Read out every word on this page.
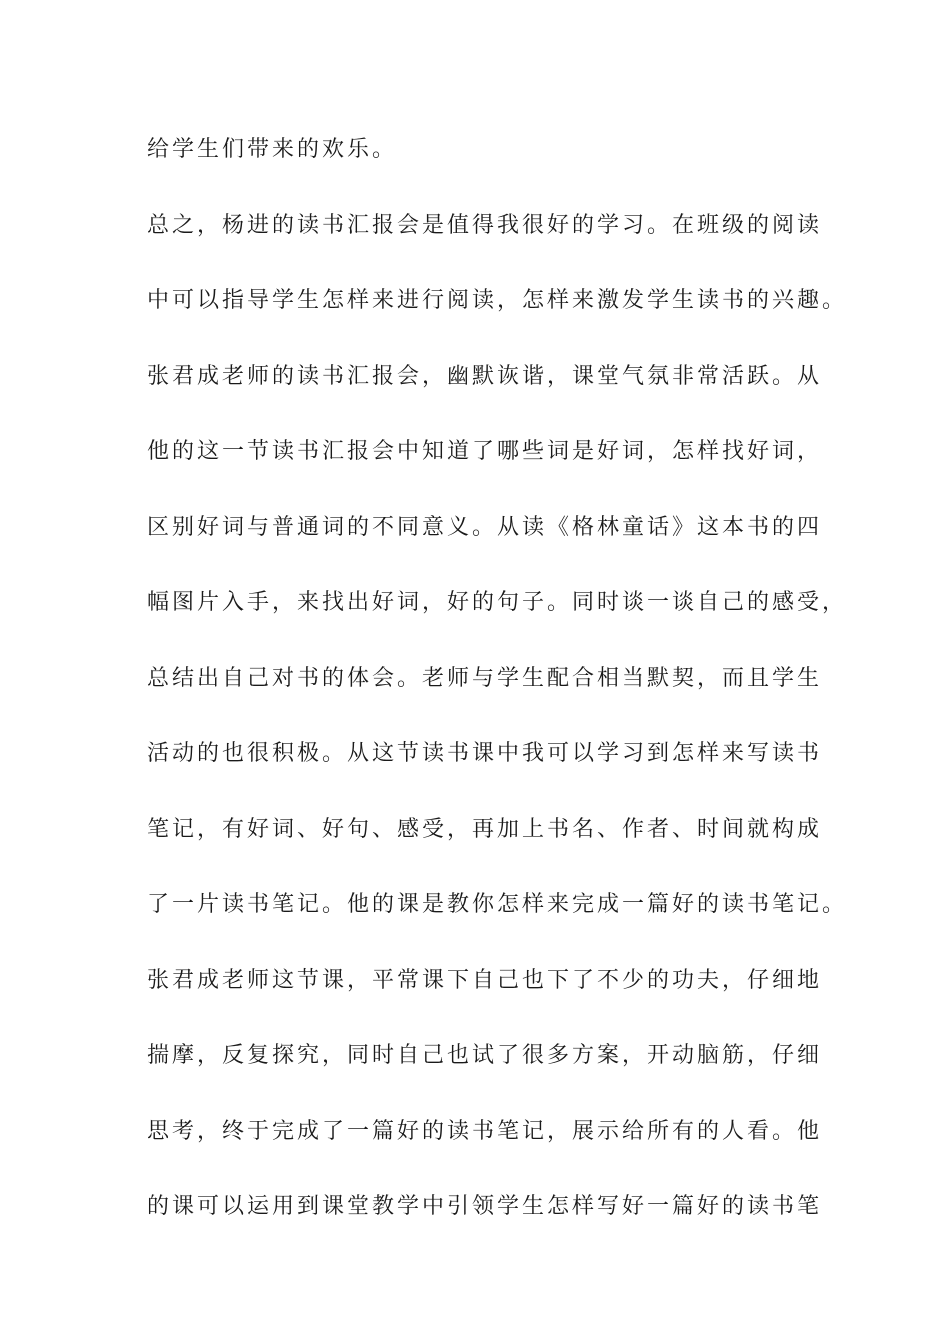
给学生们带来的欢乐。
总之，杨进的读书汇报会是值得我很好的学习。在班级的阅读
中可以指导学生怎样来进行阅读，怎样来激发学生读书的兴趣。
张君成老师的读书汇报会，幽默诙谐，课堂气氛非常活跃。从
他的这一节读书汇报会中知道了哪些词是好词，怎样找好词，
区别好词与普通词的不同意义。从读《格林童话》这本书的四
幅图片入手，来找出好词，好的句子。同时谈一谈自己的感受，
总结出自己对书的体会。老师与学生配合相当默契，而且学生
活动的也很积极。从这节读书课中我可以学习到怎样来写读书
笔记，有好词、好句、感受，再加上书名、作者、时间就构成
了一片读书笔记。他的课是教你怎样来完成一篇好的读书笔记。
张君成老师这节课，平常课下自己也下了不少的功夫，仔细地
揣摩，反复探究，同时自己也试了很多方案，开动脑筋，仔细
思考，终于完成了一篇好的读书笔记，展示给所有的人看。他
的课可以运用到课堂教学中引领学生怎样写好一篇好的读书笔
